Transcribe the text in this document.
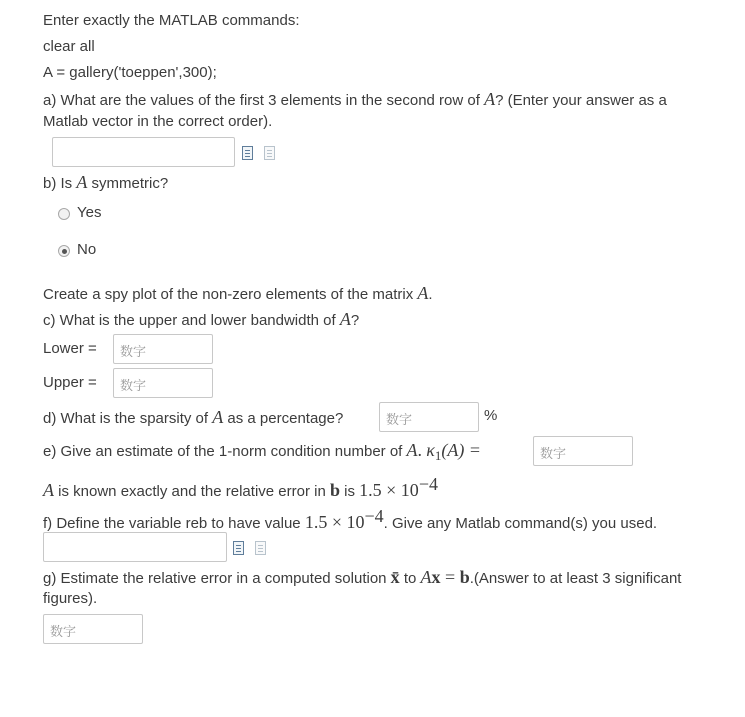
Enter exactly the MATLAB commands:
clear all
A = gallery('toeppen',300);
a) What are the values of the first 3 elements in the second row of A? (Enter your answer as a
Matlab vector in the correct order).
b) Is A symmetric?
Yes
No
Create a spy plot of the non-zero elements of the matrix A.
c) What is the upper and lower bandwidth of A?
Lower =	数字
Upper =	数字
d) What is the sparsity of A as a percentage?	数字	%
e) Give an estimate of the 1-norm condition number of A. $\kappa_1(A)$ =	数字
A is known exactly and the relative error in b is $1.5 \times 10^{-4}$
f) Define the variable reb to have value $1.5 \times 10^{-4}$. Give any Matlab command(s) you used.
g) Estimate the relative error in a computed solution x̄ to Ax = b.(Answer to at least 3 significant
figures).
数字
